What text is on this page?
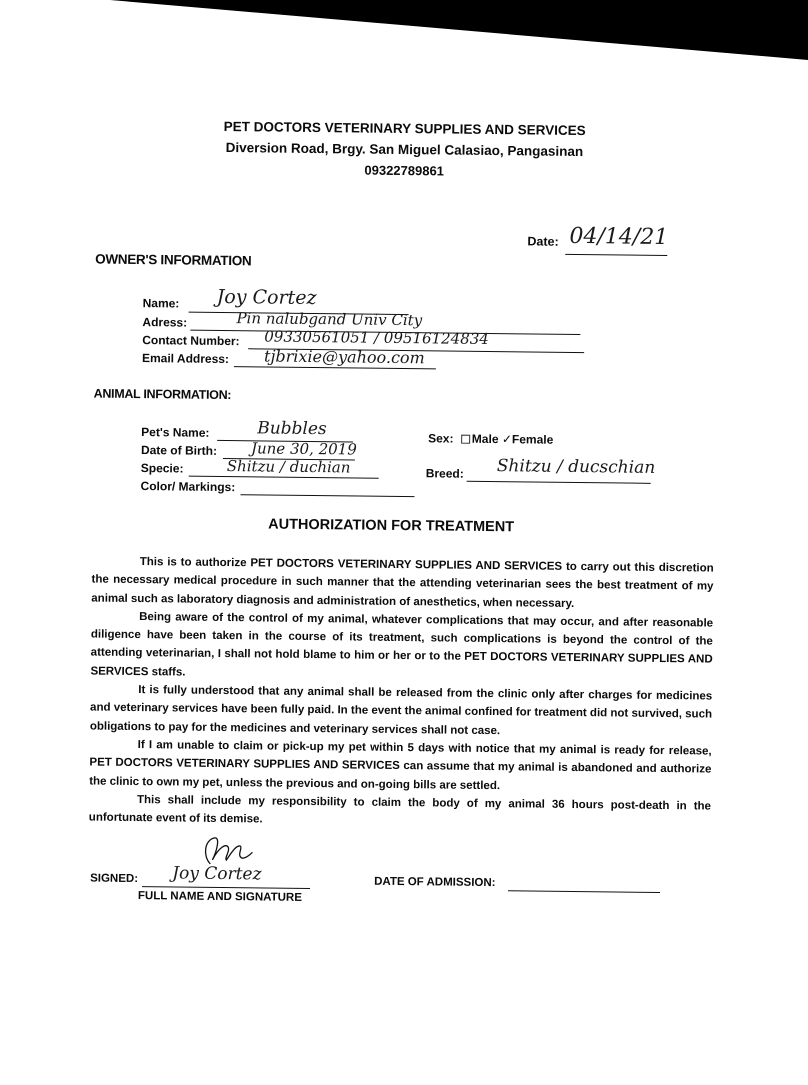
PET DOCTORS VETERINARY SUPPLIES AND SERVICES
Diversion Road, Brgy. San Miguel Calasiao, Pangasinan
09322789861
Date: 04/14/21
OWNER'S INFORMATION
Name: Joy Cortez
Adress:	Pin nalubgand Univ City
Contact Number: 09330561051 / 09516124834
Email Address: tjbrixie@yahoo.com
ANIMAL INFORMATION:
Pet's Name:	Bubbles
Date of Birth: June 30, 2019
Specie:	Shitzu / duchian
Color/ Markings:
Sex: Male ✓Female
Breed: Shitzu / ducschian
AUTHORIZATION FOR TREATMENT

This is to authorize PET DOCTORS VETERINARY SUPPLIES AND SERVICES to carry out this discretion the necessary medical procedure in such manner that the attending veterinarian sees the best treatment of my animal such as laboratory diagnosis and administration of anesthetics, when necessary.

Being aware of the control of my animal, whatever complications that may occur, and after reasonable diligence have been taken in the course of its treatment, such complications is beyond the control of the attending veterinarian, I shall not hold blame to him or her or to the PET DOCTORS VETERINARY SUPPLIES AND SERVICES staffs.

It is fully understood that any animal shall be released from the clinic only after charges for medicines and veterinary services have been fully paid. In the event the animal confined for treatment did not survived, such obligations to pay for the medicines and veterinary services shall not case.

If I am unable to claim or pick-up my pet within 5 days with notice that my animal is ready for release, PET DOCTORS VETERINARY SUPPLIES AND SERVICES can assume that my animal is abandoned and authorize the clinic to own my pet, unless the previous and on-going bills are settled.

This shall include my responsibility to claim the body of my animal 36 hours post-death in the unfortunate event of its demise.

SIGNED: Joy Cortez
FULL NAME AND SIGNATURE
DATE OF ADMISSION:
